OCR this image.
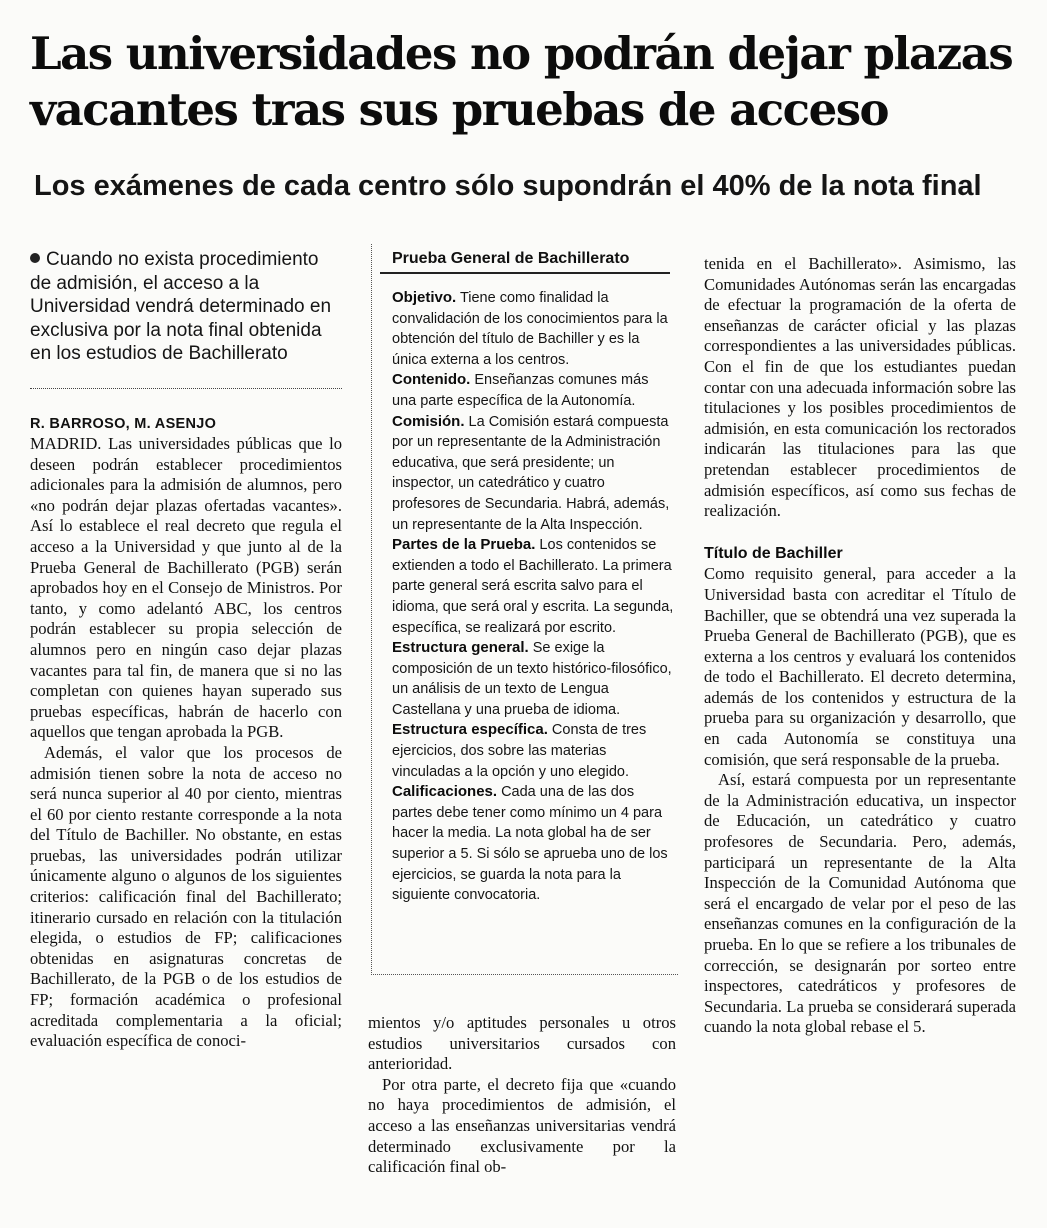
Las universidades no podrán dejar plazas vacantes tras sus pruebas de acceso
Los exámenes de cada centro sólo supondrán el 40% de la nota final
Cuando no exista procedimiento de admisión, el acceso a la Universidad vendrá determinado en exclusiva por la nota final obtenida en los estudios de Bachillerato
R. BARROSO, M. ASENJO

MADRID. Las universidades públicas que lo deseen podrán establecer procedimientos adicionales para la admisión de alumnos, pero «no podrán dejar plazas ofertadas vacantes». Así lo establece el real decreto que regula el acceso a la Universidad y que junto al de la Prueba General de Bachillerato (PGB) serán aprobados hoy en el Consejo de Ministros. Por tanto, y como adelantó ABC, los centros podrán establecer su propia selección de alumnos pero en ningún caso dejar plazas vacantes para tal fin, de manera que si no las completan con quienes hayan superado sus pruebas específicas, habrán de hacerlo con aquellos que tengan aprobada la PGB.

Además, el valor que los procesos de admisión tienen sobre la nota de acceso no será nunca superior al 40 por ciento, mientras el 60 por ciento restante corresponde a la nota del Título de Bachiller. No obstante, en estas pruebas, las universidades podrán utilizar únicamente alguno o algunos de los siguientes criterios: calificación final del Bachillerato; itinerario cursado en relación con la titulación elegida, o estudios de FP; calificaciones obtenidas en asignaturas concretas de Bachillerato, de la PGB o de los estudios de FP; formación académica o profesional acreditada complementaria a la oficial; evaluación específica de conoci-

Prueba General de Bachillerato

Objetivo. Tiene como finalidad la convalidación de los conocimientos para la obtención del título de Bachiller y es la única externa a los centros.

Contenido. Enseñanzas comunes más una parte específica de la Autonomía.

Comisión. La Comisión estará compuesta por un representante de la Administración educativa, que será presidente; un inspector, un catedrático y cuatro profesores de Secundaria. Habrá, además, un representante de la Alta Inspección.

Partes de la Prueba. Los contenidos se extienden a todo el Bachillerato. La primera parte general será escrita salvo para el idioma, que será oral y escrita. La segunda, específica, se realizará por escrito.

Estructura general. Se exige la composición de un texto histórico-filosófico, un análisis de un texto de Lengua Castellana y una prueba de idioma.

Estructura específica. Consta de tres ejercicios, dos sobre las materias vinculadas a la opción y uno elegido.

Calificaciones. Cada una de las dos partes debe tener como mínimo un 4 para hacer la media. La nota global ha de ser superior a 5. Si sólo se aprueba uno de los ejercicios, se guarda la nota para la siguiente convocatoria.

mientos y/o aptitudes personales u otros estudios universitarios cursados con anterioridad.

Por otra parte, el decreto fija que «cuando no haya procedimientos de admisión, el acceso a las enseñanzas universitarias vendrá determinado exclusivamente por la calificación final ob-

tenida en el Bachillerato». Asimismo, las Comunidades Autónomas serán las encargadas de efectuar la programación de la oferta de enseñanzas de carácter oficial y las plazas correspondientes a las universidades públicas. Con el fin de que los estudiantes puedan contar con una adecuada información sobre las titulaciones y los posibles procedimientos de admisión, en esta comunicación los rectorados indicarán las titulaciones para las que pretendan establecer procedimientos de admisión específicos, así como sus fechas de realización.

Título de Bachiller

Como requisito general, para acceder a la Universidad basta con acreditar el Título de Bachiller, que se obtendrá una vez superada la Prueba General de Bachillerato (PGB), que es externa a los centros y evaluará los contenidos de todo el Bachillerato. El decreto determina, además de los contenidos y estructura de la prueba para su organización y desarrollo, que en cada Autonomía se constituya una comisión, que será responsable de la prueba.

Así, estará compuesta por un representante de la Administración educativa, un inspector de Educación, un catedrático y cuatro profesores de Secundaria. Pero, además, participará un representante de la Alta Inspección de la Comunidad Autónoma que será el encargado de velar por el peso de las enseñanzas comunes en la configuración de la prueba. En lo que se refiere a los tribunales de corrección, se designarán por sorteo entre inspectores, catedráticos y profesores de Secundaria. La prueba se considerará superada cuando la nota global rebase el 5.
